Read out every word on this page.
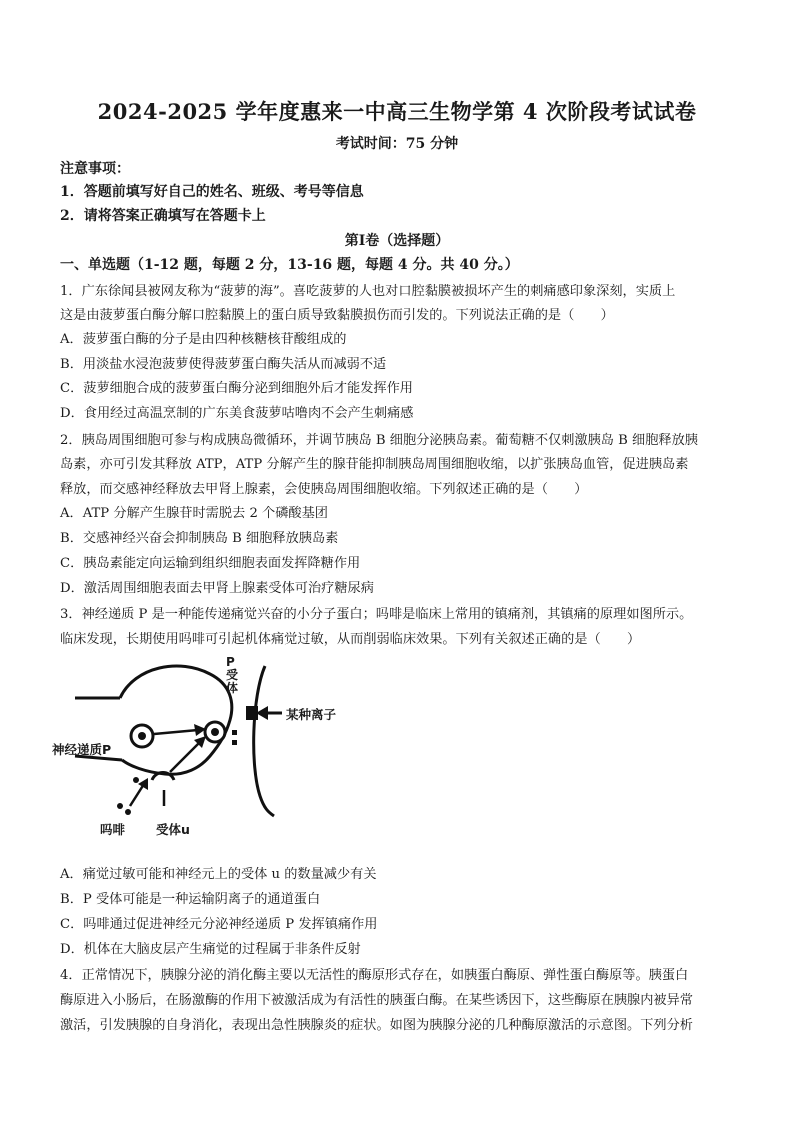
2024-2025 学年度惠来一中高三生物学第 4 次阶段考试试卷
考试时间：75 分钟
注意事项：
1．答题前填写好自己的姓名、班级、考号等信息
2．请将答案正确填写在答题卡上
第Ⅰ卷（选择题）
一、单选题（1-12 题，每题 2 分，13-16 题，每题 4 分。共 40 分。）
1．广东徐闻县被网友称为“菠萝的海”。喜吃菠萝的人也对口腔黏膜被损坏产生的刺痛感印象深刻，实质上
这是由菠萝蛋白酶分解口腔黏膜上的蛋白质导致黏膜损伤而引发的。下列说法正确的是（　　）
A．菠萝蛋白酶的分子是由四种核糖核苷酸组成的
B．用淡盐水浸泡菠萝使得菠萝蛋白酶失活从而减弱不适
C．菠萝细胞合成的菠萝蛋白酶分泌到细胞外后才能发挥作用
D．食用经过高温烹制的广东美食菠萝咕噜肉不会产生刺痛感
2．胰岛周围细胞可参与构成胰岛微循环，并调节胰岛 B 细胞分泌胰岛素。葡萄糖不仅刺激胰岛 B 细胞释放胰
岛素，亦可引发其释放 ATP，ATP 分解产生的腺苷能抑制胰岛周围细胞收缩，以扩张胰岛血管，促进胰岛素
释放，而交感神经释放去甲肾上腺素，会使胰岛周围细胞收缩。下列叙述正确的是（　　）
A．ATP 分解产生腺苷时需脱去 2 个磷酸基团
B．交感神经兴奋会抑制胰岛 B 细胞释放胰岛素
C．胰岛素能定向运输到组织细胞表面发挥降糖作用
D．激活周围细胞表面去甲肾上腺素受体可治疗糖尿病
3．神经递质 P 是一种能传递痛觉兴奋的小分子蛋白；吗啡是临床上常用的镇痛剂，其镇痛的原理如图所示。
临床发现，长期使用吗啡可引起机体痛觉过敏，从而削弱临床效果。下列有关叙述正确的是（　　）
P受体
某种离子
神经递质P
吗啡 受体u
A．痛觉过敏可能和神经元上的受体 u 的数量减少有关
B．P 受体可能是一种运输阴离子的通道蛋白
C．吗啡通过促进神经元分泌神经递质 P 发挥镇痛作用
D．机体在大脑皮层产生痛觉的过程属于非条件反射
4．正常情况下，胰腺分泌的消化酶主要以无活性的酶原形式存在，如胰蛋白酶原、弹性蛋白酶原等。胰蛋白
酶原进入小肠后，在肠激酶的作用下被激活成为有活性的胰蛋白酶。在某些诱因下，这些酶原在胰腺内被异常
激活，引发胰腺的自身消化，表现出急性胰腺炎的症状。如图为胰腺分泌的几种酶原激活的示意图。下列分析
